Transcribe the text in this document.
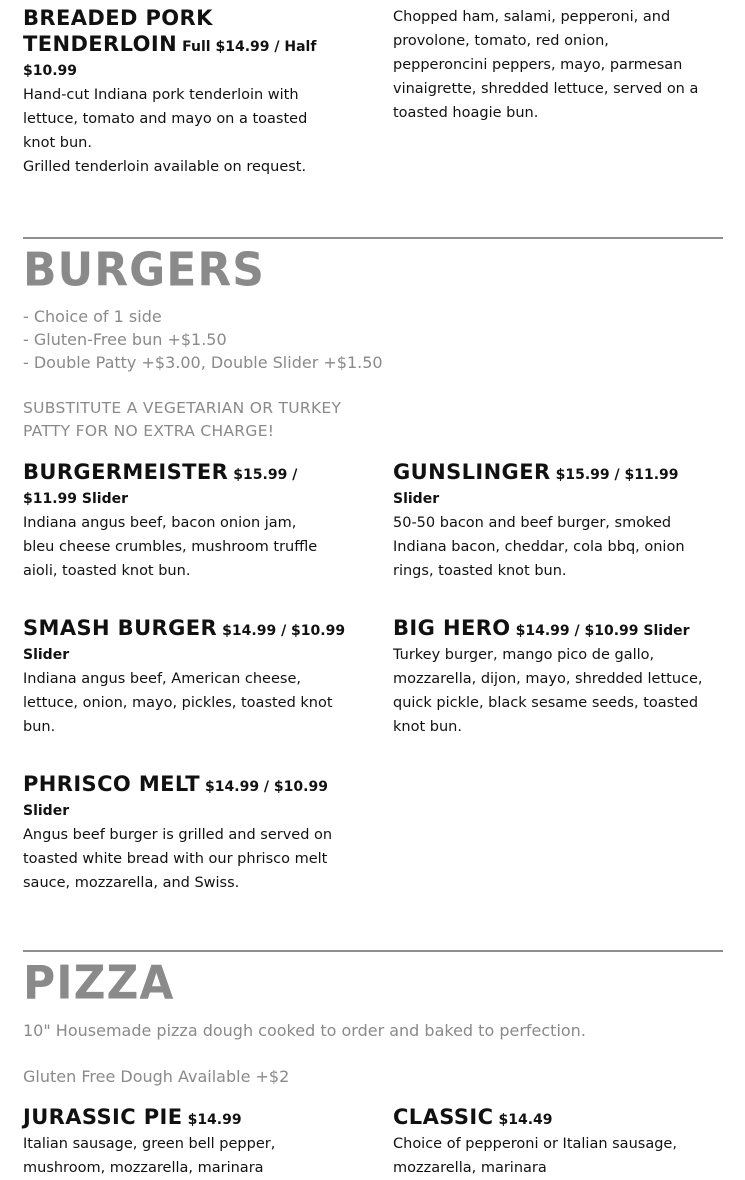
BREADED PORK
TENDERLOIN Full $14.99 / Half
$10.99
Hand-cut Indiana pork tenderloin with
lettuce, tomato and mayo on a toasted
knot bun.
Grilled tenderloin available on request.
Chopped ham, salami, pepperoni, and
provolone, tomato, red onion,
pepperoncini peppers, mayo, parmesan
vinaigrette, shredded lettuce, served on a
toasted hoagie bun.
BURGERS
- Choice of 1 side
- Gluten-Free bun +$1.50
- Double Patty +$3.00, Double Slider +$1.50
SUBSTITUTE A VEGETARIAN OR TURKEY
PATTY FOR NO EXTRA CHARGE!
BURGERMEISTER $15.99 /
$11.99 Slider
Indiana angus beef, bacon onion jam,
bleu cheese crumbles, mushroom truffle
aioli, toasted knot bun.
GUNSLINGER $15.99 / $11.99
Slider
50-50 bacon and beef burger, smoked
Indiana bacon, cheddar, cola bbq, onion
rings, toasted knot bun.
SMASH BURGER $14.99 / $10.99
Slider
Indiana angus beef, American cheese,
lettuce, onion, mayo, pickles, toasted knot
bun.
BIG HERO $14.99 / $10.99 Slider
Turkey burger, mango pico de gallo,
mozzarella, dijon, mayo, shredded lettuce,
quick pickle, black sesame seeds, toasted
knot bun.
PHRISCO MELT $14.99 / $10.99
Slider
Angus beef burger is grilled and served on
toasted white bread with our phrisco melt
sauce, mozzarella, and Swiss.
PIZZA
10" Housemade pizza dough cooked to order and baked to perfection.
Gluten Free Dough Available +$2
JURASSIC PIE $14.99
Italian sausage, green bell pepper,
mushroom, mozzarella, marinara
CLASSIC $14.49
Choice of pepperoni or Italian sausage,
mozzarella, marinara
